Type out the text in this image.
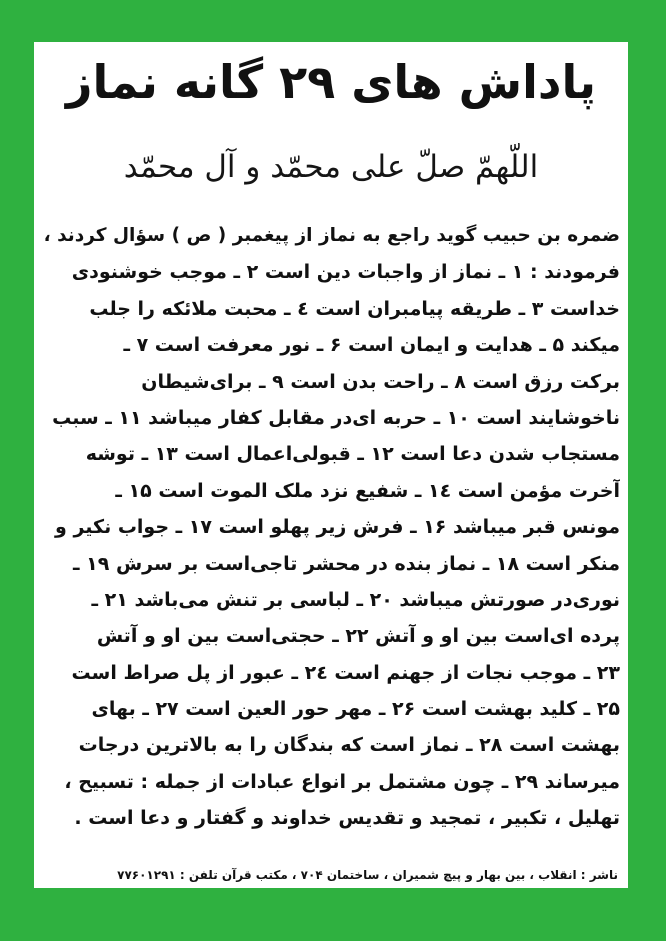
پاداش های ۲۹ گانه نماز
اللّهمّ صلّ علی محمّد و آل محمّد
ضمره بن حبیب گوید راجع به نماز از پیغمبر ( ص ) سؤال کردند ،
فرمودند : ۱ ـ نماز از واجبات دین است ۲ ـ موجب خوشنودی
خداست ۳ ـ طریقه پیامبران است ٤ ـ محبت ملائکه را جلب
میکند ۵ ـ هدایت و ایمان است ۶ ـ نور معرفت است ۷ ـ
برکت رزق است ۸ ـ راحت بدن است ۹ ـ برای‌شیطان
ناخوشایند است ۱۰ ـ حربه ای‌در مقابل کفار میباشد ۱۱ ـ سبب
مستجاب شدن دعا است ۱۲ ـ قبولی‌اعمال است ۱۳ ـ توشه
آخرت مؤمن است ۱٤ ـ شفیع نزد ملک الموت است ۱۵ ـ
مونس قبر میباشد ۱۶ ـ فرش زیر پهلو است ۱۷ ـ جواب نکیر و
منکر است ۱۸ ـ نماز بنده در محشر تاجی‌است بر سرش ۱۹ ـ
نوری‌در صورتش میباشد ۲۰ ـ لباسی بر تنش می‌باشد ۲۱ ـ
پرده ای‌است بین او و آتش ۲۲ ـ حجتی‌است بین او و آتش
۲۳ ـ موجب نجات از جهنم است ۲٤ ـ عبور از پل صراط است
۲۵ ـ کلید بهشت است ۲۶ ـ مهر حور العین است ۲۷ ـ بهای
بهشت‌ است ۲۸ ـ نماز است که بندگان را به بالاترین درجات
میرساند ۲۹ ـ چون مشتمل بر انواع عبادات از جمله : تسبیح ،
تهلیل ، تکبیر ، تمجید و تقدیس خداوند و گفتار و دعا است .
ناشر : انقلاب ، بین بهار و پیچ شمیران ، ساختمان ۷۰۴ ، مکتب قرآن تلفن : ۷۷۶۰۱۲۹۱
